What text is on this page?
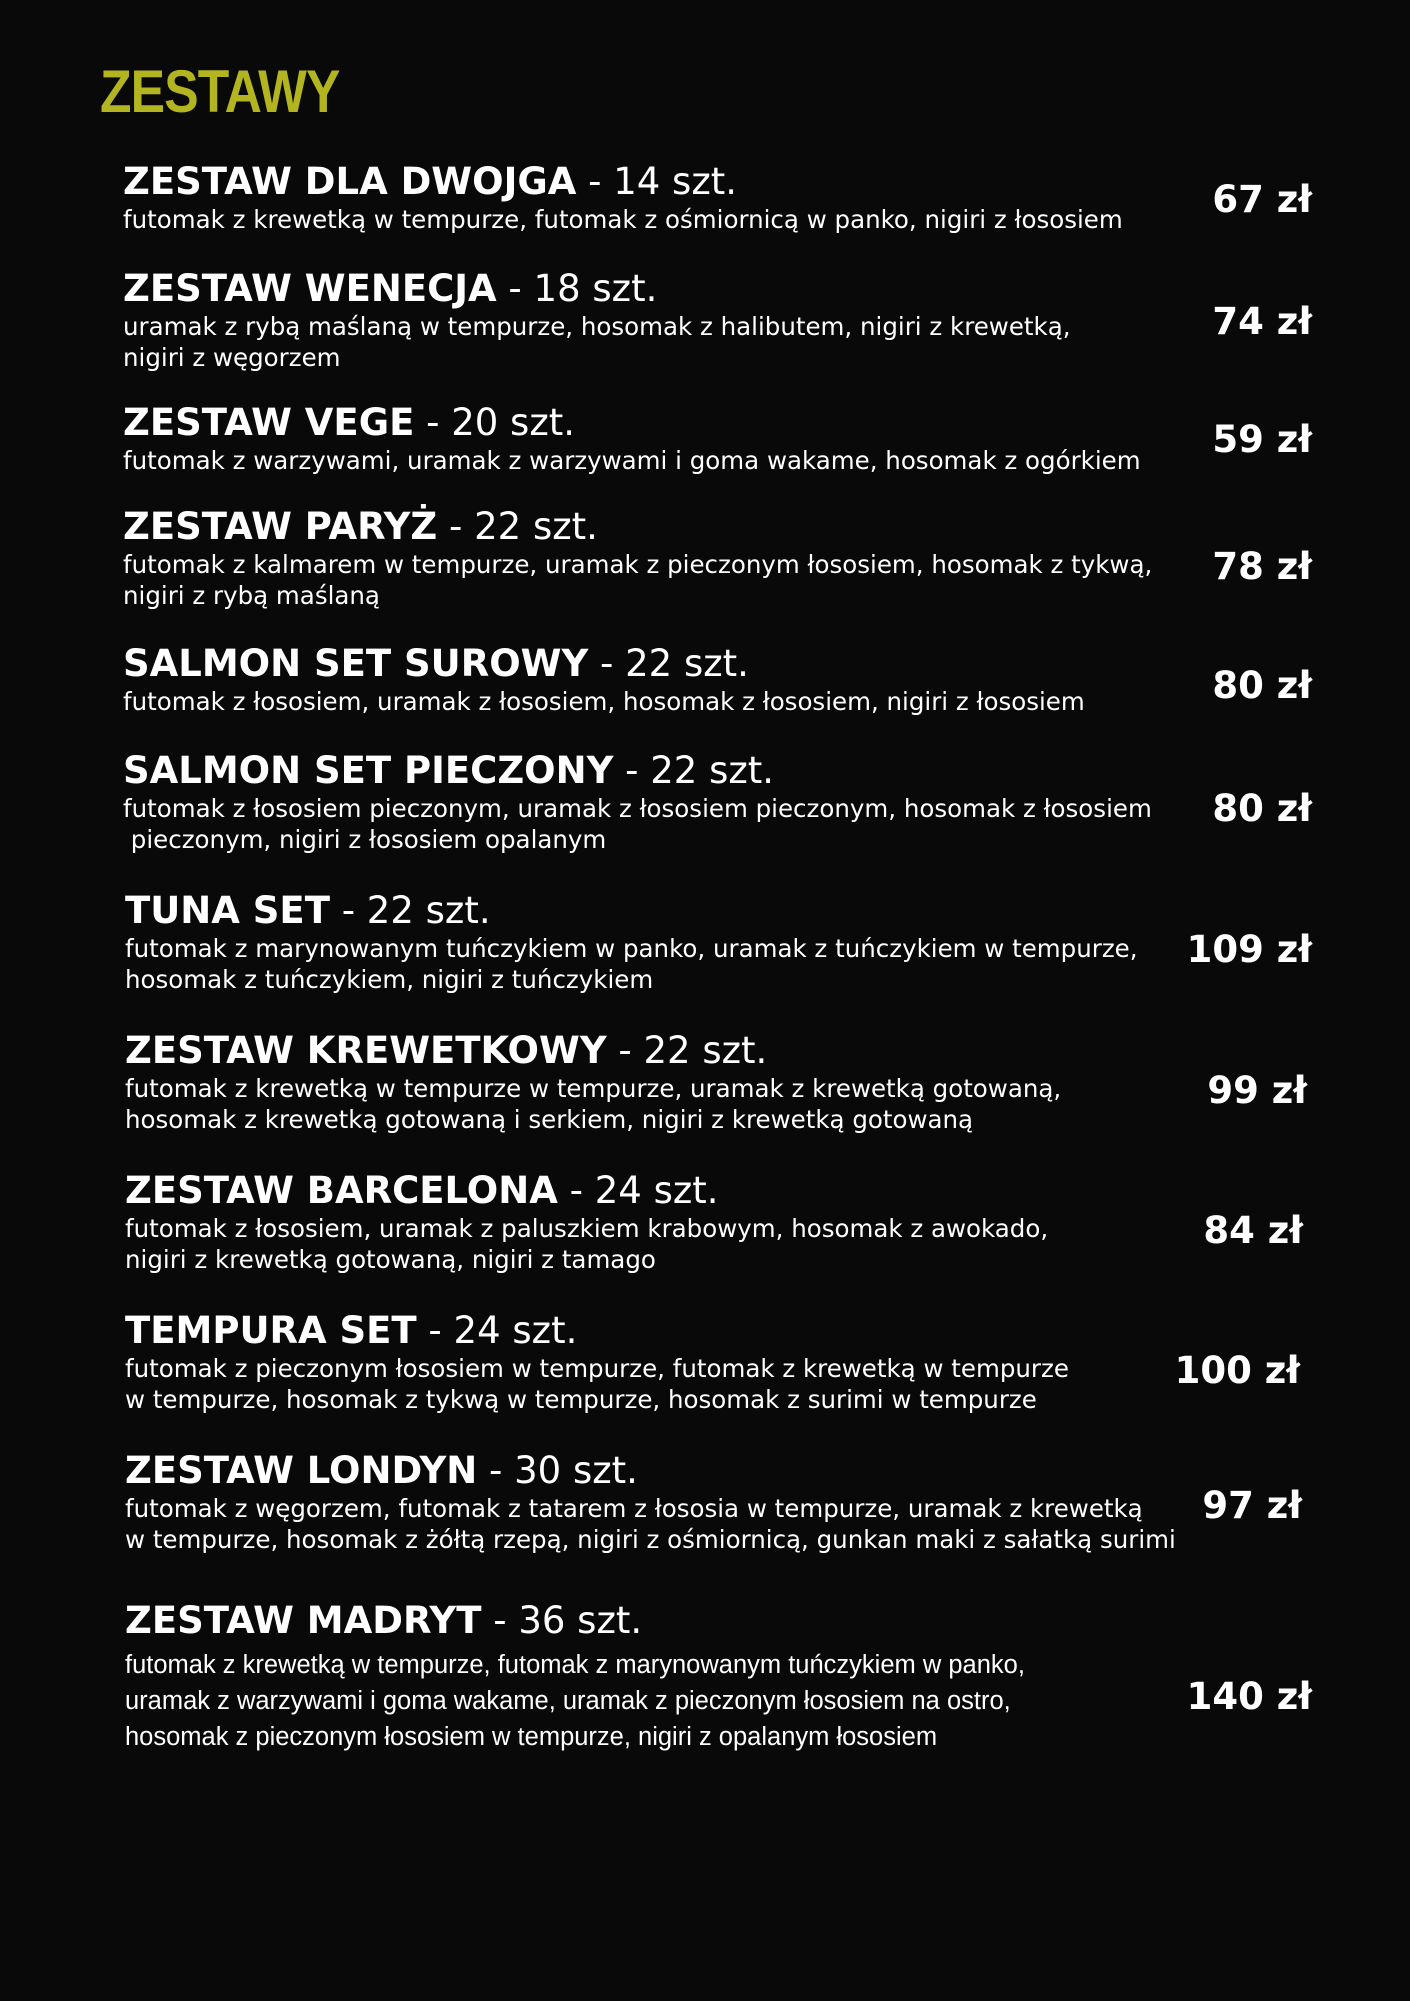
ZESTAWY
ZESTAW DLA DWOJGA - 14 szt.
futomak z krewetką w tempurze, futomak z ośmiornicą w panko, nigiri z łososiem 67 zł
ZESTAW WENECJA - 18 szt.
uramak z rybą maślaną w tempurze, hosomak z halibutem, nigiri z krewetką,
nigiri z węgorzem
74 zł
ZESTAW VEGE - 20 szt.
futomak z warzywami, uramak z warzywami i goma wakame, hosomak z ogórkiem 59 zł
ZESTAW PARYŻ - 22 szt.
futomak z kalmarem w tempurze, uramak z pieczonym łososiem, hosomak z tykwą,
nigiri z rybą maślaną
78 zł
SALMON SET SUROWY - 22 szt.
futomak z łososiem, uramak z łososiem, hosomak z łososiem, nigiri z łososiem	80 zł
SALMON SET PIECZONY - 22 szt.
futomak z łososiem pieczonym, uramak z łososiem pieczonym, hosomak z łososiem
pieczonym, nigiri z łososiem opalanym
80 zł
TUNA SET - 22 szt.
futomak z marynowanym tuńczykiem w panko, uramak z tuńczykiem w tempurze,
hosomak z tuńczykiem, nigiri z tuńczykiem
109 zł
ZESTAW KREWETKOWY - 22 szt.
futomak z krewetką w tempurze w tempurze, uramak z krewetką gotowaną,
hosomak z krewetką gotowaną i serkiem, nigiri z krewetką gotowaną
99 zł
ZESTAW BARCELONA - 24 szt.
futomak z łososiem, uramak z paluszkiem krabowym, hosomak z awokado,
nigiri z krewetką gotowaną, nigiri z tamago
84 zł
TEMPURA SET - 24 szt.
futomak z pieczonym łososiem w tempurze, futomak z krewetką w tempurze
w tempurze, hosomak z tykwą w tempurze, hosomak z surimi w tempurze
100 zł
ZESTAW LONDYN - 30 szt.
futomak z węgorzem, futomak z tatarem z łososia w tempurze, uramak z krewetką
w tempurze, hosomak z żółtą rzepą, nigiri z ośmiornicą, gunkan maki z sałatką surimi
97 zł
ZESTAW MADRYT - 36 szt.
futomak z krewetką w tempurze, futomak z marynowanym tuńczykiem w panko,
uramak z warzywami i goma wakame, uramak z pieczonym łososiem na ostro,
hosomak z pieczonym łososiem w tempurze, nigiri z opalanym łososiem
140 zł
